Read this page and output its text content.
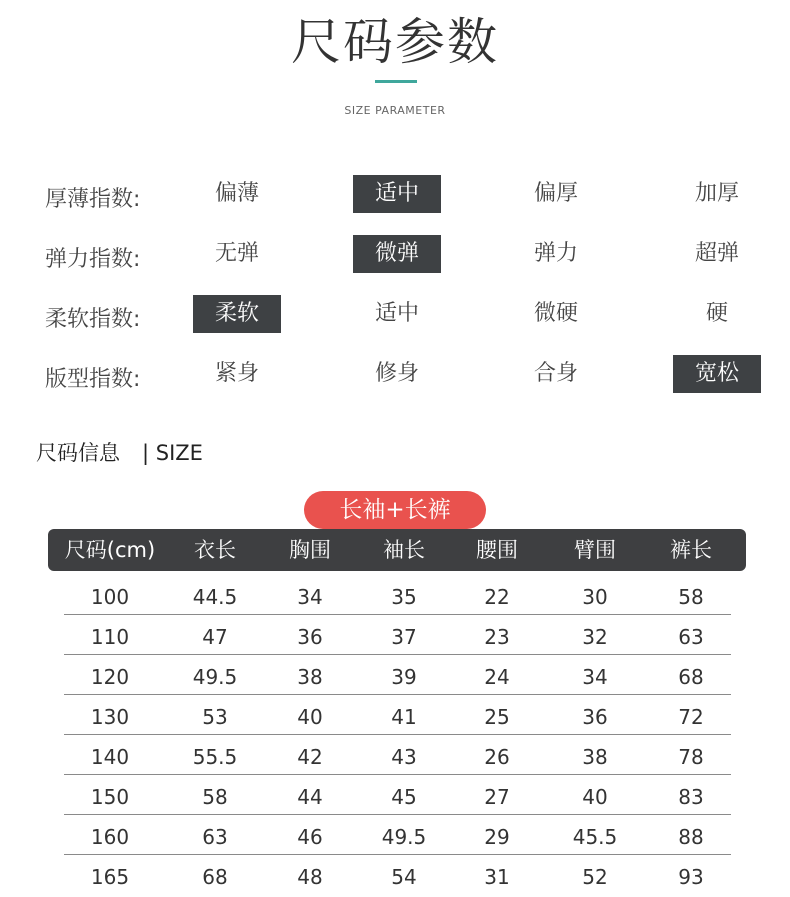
尺码参数
SIZE PARAMETER
厚薄指数:	偏薄	适中	偏厚	加厚
弹力指数:	无弹	微弹	弹力	超弹
柔软指数:	柔软	适中	微硬	硬
版型指数:	紧身	修身	合身	宽松
尺码信息 | SIZE
长袖+长裤
尺码(cm)	衣长	胸围	袖长	腰围	臂围	裤长
100	44.5	34	35	22	30	58
110	47	36	37	23	32	63
120	49.5	38	39	24	34	68
130	53	40	41	25	36	72
140	55.5	42	43	26	38	78
150	58	44	45	27	40	83
160	63	46	49.5	29	45.5	88
165	68	48	54	31	52	93
